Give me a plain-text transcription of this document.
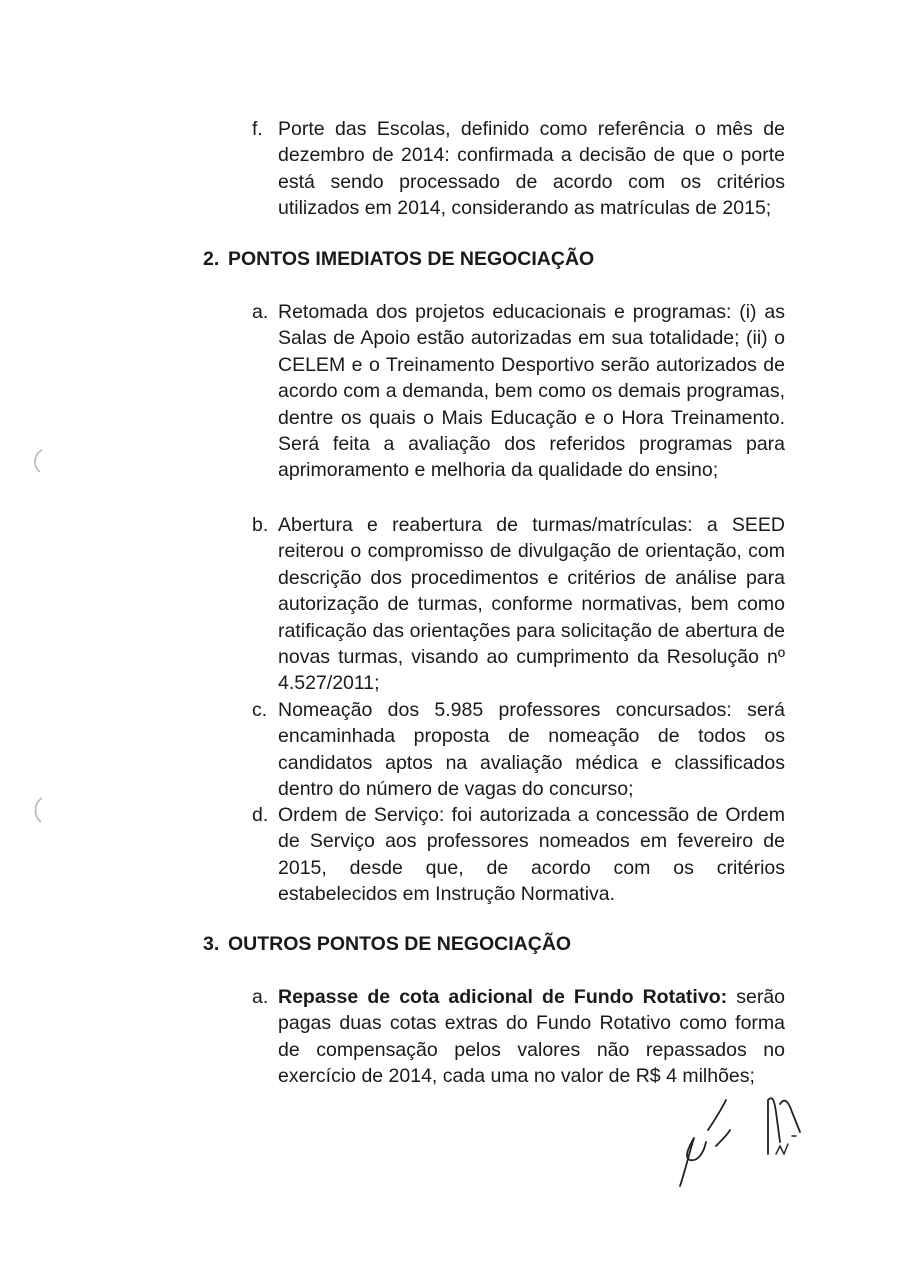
f. Porte das Escolas, definido como referência o mês de dezembro de 2014: confirmada a decisão de que o porte está sendo processado de acordo com os critérios utilizados em 2014, considerando as matrículas de 2015;
2. PONTOS IMEDIATOS DE NEGOCIAÇÃO
a. Retomada dos projetos educacionais e programas: (i) as Salas de Apoio estão autorizadas em sua totalidade; (ii) o CELEM e o Treinamento Desportivo serão autorizados de acordo com a demanda, bem como os demais programas, dentre os quais o Mais Educação e o Hora Treinamento. Será feita a avaliação dos referidos programas para aprimoramento e melhoria da qualidade do ensino;
b. Abertura e reabertura de turmas/matrículas: a SEED reiterou o compromisso de divulgação de orientação, com descrição dos procedimentos e critérios de análise para autorização de turmas, conforme normativas, bem como ratificação das orientações para solicitação de abertura de novas turmas, visando ao cumprimento da Resolução nº 4.527/2011;
c. Nomeação dos 5.985 professores concursados: será encaminhada proposta de nomeação de todos os candidatos aptos na avaliação médica e classificados dentro do número de vagas do concurso;
d. Ordem de Serviço: foi autorizada a concessão de Ordem de Serviço aos professores nomeados em fevereiro de 2015, desde que, de acordo com os critérios estabelecidos em Instrução Normativa.
3. OUTROS PONTOS DE NEGOCIAÇÃO
a. Repasse de cota adicional de Fundo Rotativo: serão pagas duas cotas extras do Fundo Rotativo como forma de compensação pelos valores não repassados no exercício de 2014, cada uma no valor de R$ 4 milhões;
